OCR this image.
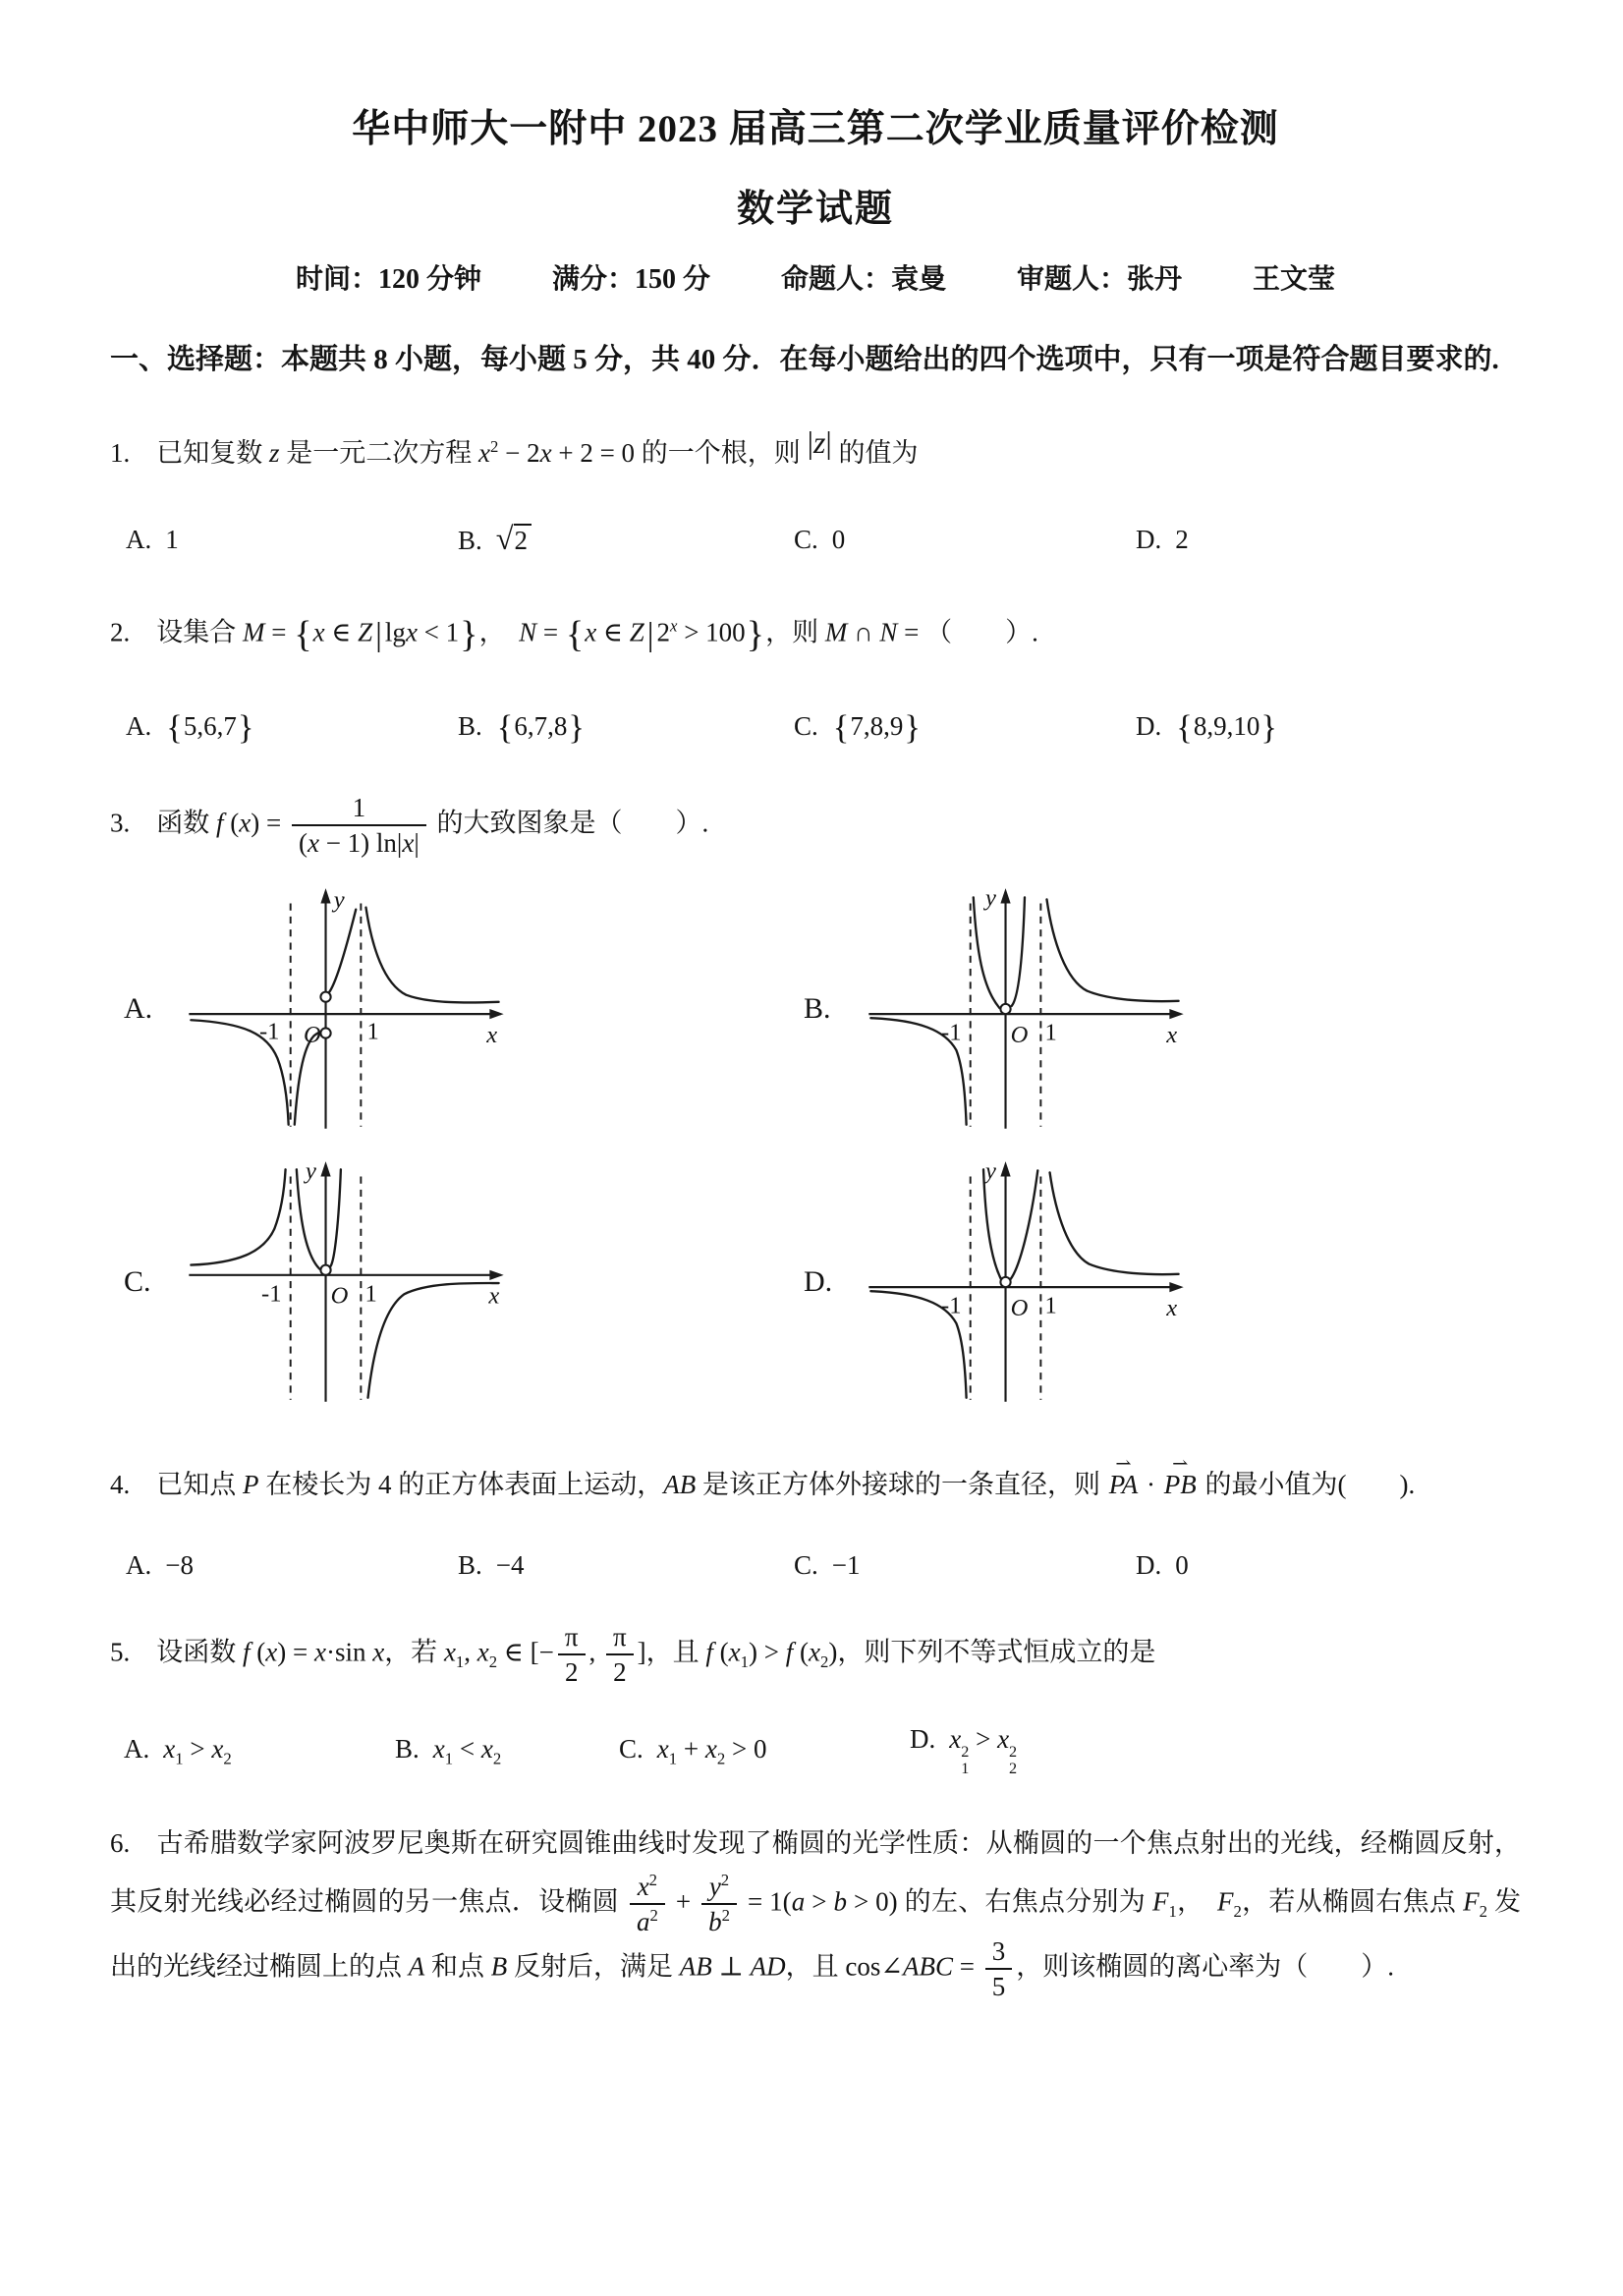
华中师大一附中 2023 届高三第二次学业质量评价检测
数学试题
时间：120 分钟	满分：150 分	命题人：袁曼	审题人：张丹	王文莹
一、选择题：本题共 8 小题，每小题 5 分，共 40 分．在每小题给出的四个选项中，只有一项是符合题目要求的.
1. 已知复数 z 是一元二次方程 $x^2 - 2x + 2 = 0$ 的一个根，则 |z| 的值为
A. 1	B. √2	C. 0	D. 2
2. 设集合 M = {x ∈ Z| lgx < 1}， N = {x ∈ Z| $2^x > 100$}，则 M ∩ N = （　　）.
A. {5,6,7}	B. {6,7,8}	C. {7,8,9}	D. {8,9,10}
3. 函数 f $(x) = \frac{1}{(x - 1) \ln|x|}$ 的大致图象是（　　）.
A.
y
x
O
-1	1
B.
y
x
O
-1	1
C.
y
x
O
-1	1	D.
y
x
O
-1	1
4. 已知点 P 在棱长为 4 的正方体表面上运动，AB 是该正方体外接球的一条直径，则
⇀
PA ·
⇀
PB 的最小值为(　　).
A. −8	B. −4	C. −1	D. 0
5. 设函数 f (x) = x·sin x，若 $x_1$, $x_2$ ∈ [− $\frac{\pi}{2}$ , $\frac{\pi}{2}$ ]，且 f $(x_1) > f$ $(x_2)$，则下列不等式恒成立的是
A. $x_1 > x_2$	B. $x_1 < x_2$	C. $x_1 + x_2 > 0$	D. x 2
1
> x 2
2
6. 古希腊数学家阿波罗尼奥斯在研究圆锥曲线时发现了椭圆的光学性质：从椭圆的一个焦点射出的光线，经椭圆反射，其反射光线必经过椭圆的另一焦点．设椭圆 $\frac{x^2}{a^2} + \frac{y^2}{b^2} = 1(a > b > 0)$ 的左、右焦点分别为 $F_1$， $F_2$，若从椭圆右焦点 $F_2$ 发出的光线经过椭圆上的点 A 和点 B 反射后，满足 AB ⊥ AD，且 cos∠ABC = $\frac{3}{5}$ ，则该椭圆的离心率为（　　）.
